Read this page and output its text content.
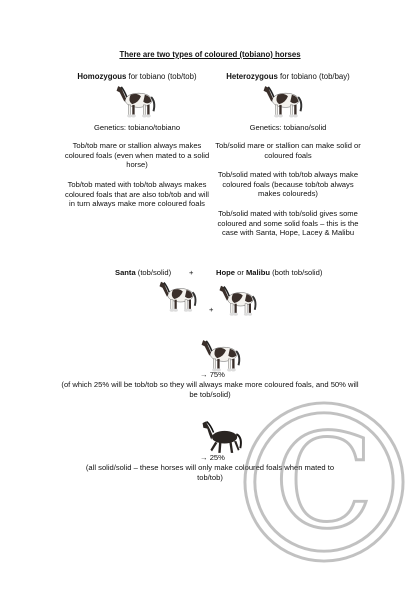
There are two types of coloured (tobiano) horses
Homozygous for tobiano (tob/tob)	Heterozygous for tobiano (tob/bay)
Genetics: tobiano/tobiano
Tob/tob mare or stallion always makes coloured foals (even when mated to a solid horse)
Tob/tob mated with tob/tob always makes coloured foals that are also tob/tob and will in turn always make more coloured foals
Genetics: tobiano/solid
Tob/solid mare or stallion can make solid or coloured foals
Tob/solid mated with tob/tob always make coloured foals (because tob/tob always makes coloureds)
Tob/solid mated with tob/solid gives some coloured and some solid foals – this is the case with Santa, Hope, Lacey & Malibu
Santa (tob/solid) +	Hope or Malibu (both tob/solid)
+
→ 75%
(of which 25% will be tob/tob so they will always make more coloured foals, and 50% will be tob/solid)
→ 25%
(all solid/solid – these horses will only make coloured foals when mated to tob/tob) C
